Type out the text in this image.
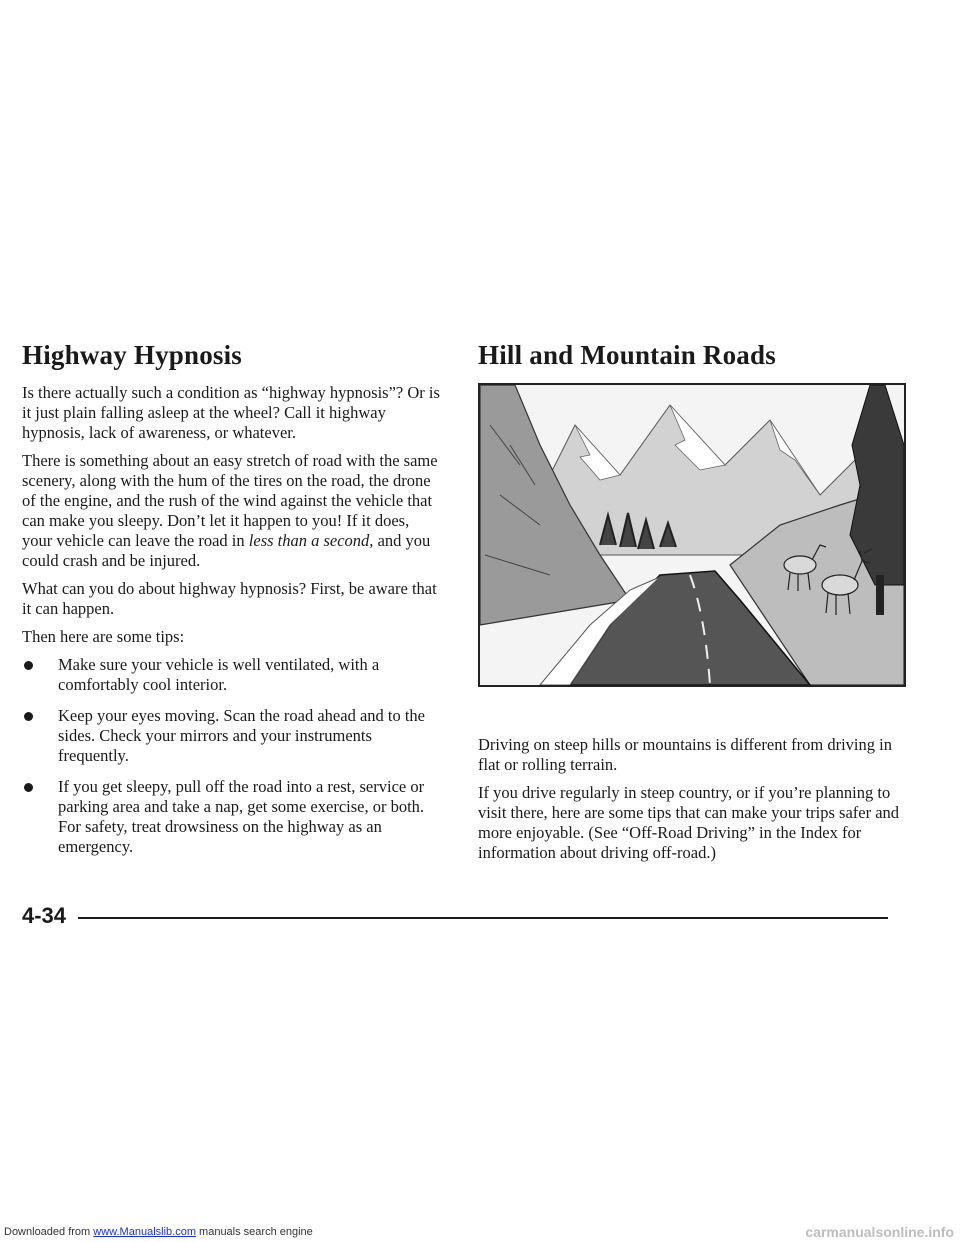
Highway Hypnosis

Is there actually such a condition as “highway hypnosis”? Or is it just plain falling asleep at the wheel? Call it highway hypnosis, lack of awareness, or whatever.

There is something about an easy stretch of road with the same scenery, along with the hum of the tires on the road, the drone of the engine, and the rush of the wind against the vehicle that can make you sleepy. Don’t let it happen to you! If it does, your vehicle can leave the road in less than a second, and you could crash and be injured.

What can you do about highway hypnosis? First, be aware that it can happen.

Then here are some tips:

Make sure your vehicle is well ventilated, with a comfortably cool interior.
Keep your eyes moving. Scan the road ahead and to the sides. Check your mirrors and your instruments frequently.
If you get sleepy, pull off the road into a rest, service or parking area and take a nap, get some exercise, or both. For safety, treat drowsiness on the highway as an emergency.
Hill and Mountain Roads

Driving on steep hills or mountains is different from driving in flat or rolling terrain.

If you drive regularly in steep country, or if you’re planning to visit there, here are some tips that can make your trips safer and more enjoyable. (See “Off-Road Driving” in the Index for information about driving off-road.)

4-34
Downloaded from www.Manualslib.com manuals search engine	carmanualsonline.info
